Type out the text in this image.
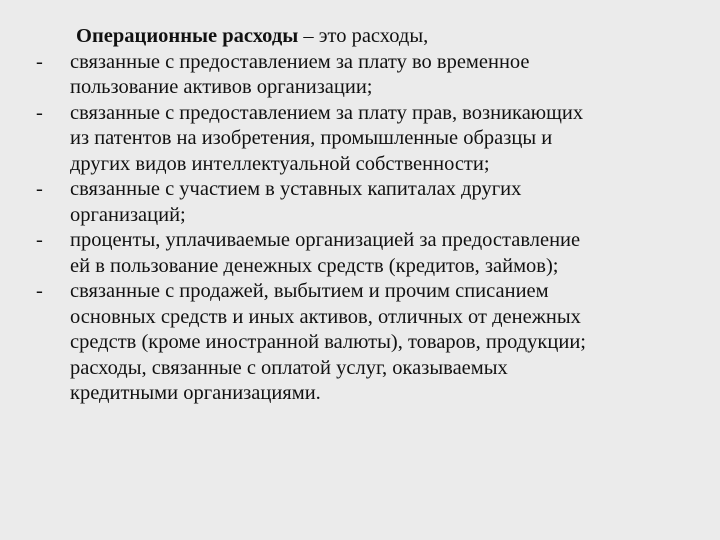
Операционные расходы – это расходы,
- связанные с предоставлением за плату во временное
пользование активов организации;
- связанные с предоставлением за плату прав, возникающих
из патентов на изобретения, промышленные образцы и
других видов интеллектуальной собственности;
- связанные с участием в уставных капиталах других
организаций;
- проценты, уплачиваемые организацией за предоставление
ей в пользование денежных средств (кредитов, займов);
- связанные с продажей, выбытием и прочим списанием
основных средств и иных активов, отличных от денежных
средств (кроме иностранной валюты), товаров, продукции;
расходы, связанные с оплатой услуг, оказываемых
кредитными организациями.
